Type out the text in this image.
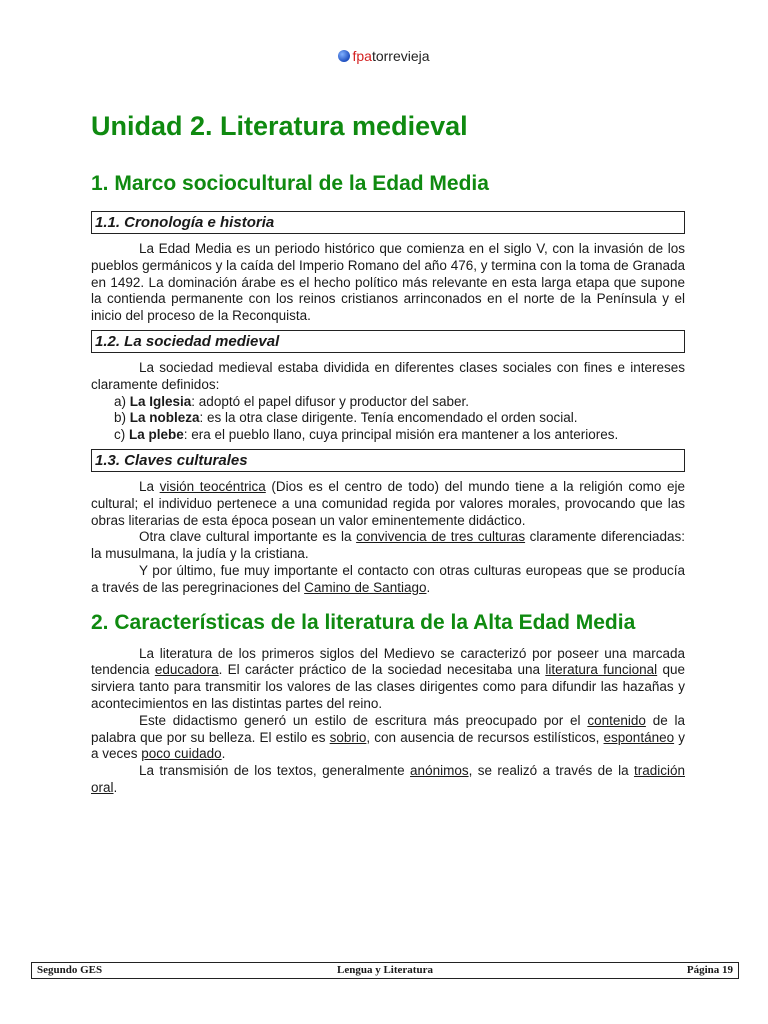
fpatorrevieja
Unidad 2. Literatura medieval
1. Marco sociocultural de la Edad Media
1.1. Cronología e historia

La Edad Media es un periodo histórico que comienza en el siglo V, con la invasión de los pueblos germánicos y la caída del Imperio Romano del año 476, y termina con la toma de Granada en 1492. La dominación árabe es el hecho político más relevante en esta larga etapa que supone la contienda permanente con los reinos cristianos arrinconados en el norte de la Península y el inicio del proceso de la Reconquista.

1.2. La sociedad medieval

La sociedad medieval estaba dividida en diferentes clases sociales con fines e intereses claramente definidos:

a) La Iglesia: adoptó el papel difusor y productor del saber.
b) La nobleza: es la otra clase dirigente. Tenía encomendado el orden social.
c) La plebe: era el pueblo llano, cuya principal misión era mantener a los anteriores.
1.3. Claves culturales

La visión teocéntrica (Dios es el centro de todo) del mundo tiene a la religión como eje cultural; el individuo pertenece a una comunidad regida por valores morales, provocando que las obras literarias de esta época posean un valor eminentemente didáctico.

Otra clave cultural importante es la convivencia de tres culturas claramente diferenciadas: la musulmana, la judía y la cristiana.

Y por último, fue muy importante el contacto con otras culturas europeas que se producía a través de las peregrinaciones del Camino de Santiago.

2. Características de la literatura de la Alta Edad Media

La literatura de los primeros siglos del Medievo se caracterizó por poseer una marcada tendencia educadora. El carácter práctico de la sociedad necesitaba una literatura funcional que sirviera tanto para transmitir los valores de las clases dirigentes como para difundir las hazañas y acontecimientos en las distintas partes del reino.

Este didactismo generó un estilo de escritura más preocupado por el contenido de la palabra que por su belleza. El estilo es sobrio, con ausencia de recursos estilísticos, espontáneo y a veces poco cuidado.

La transmisión de los textos, generalmente anónimos, se realizó a través de la tradición oral.

Lengua y Literatura
Segundo GES	Página 19
